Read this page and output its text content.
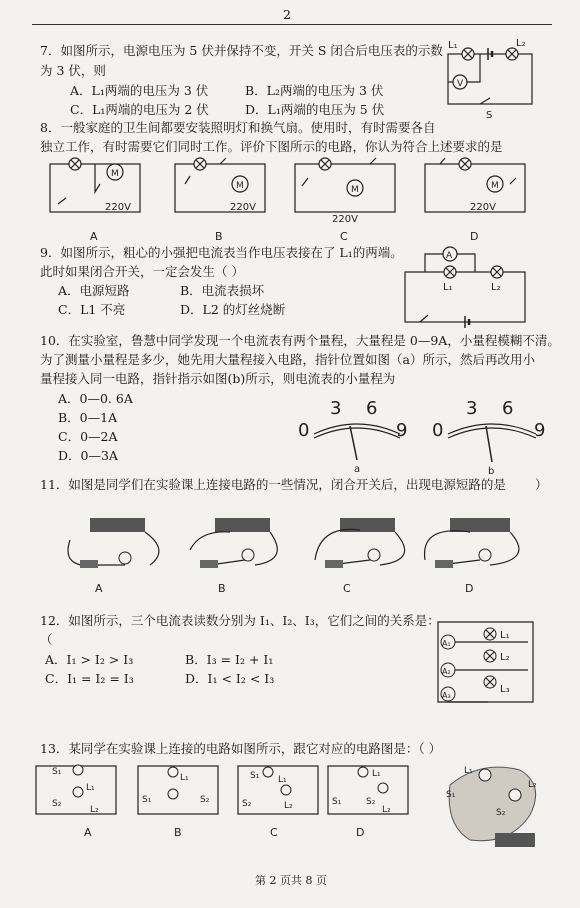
2
7．如图所示，电源电压为 5 伏并保持不变，开关 S 闭合后电压表的示数
为 3 伏，则
A．L₁两端的电压为 3 伏	B．L₂两端的电压为 3 伏
C．L₁两端的电压为 2 伏	D．L₁两端的电压为 5 伏
L₁	L₂
V
S
8．一般家庭的卫生间都要安装照明灯和换气扇。使用时，有时需要各自
独立工作，有时需要它们同时工作。评价下图所示的电路，你认为符合上述要求的是
M
220V
M
220V
M
220V
M
220V
A	B	C	D
9．如图所示，粗心的小强把电流表当作电压表接在了 L₁的两端。
此时如果闭合开关，一定会发生（ ）
A．电源短路	B．电流表损坏
C．L1 不亮	D．L2 的灯丝烧断
A
L₁	L₂
10．在实验室，鲁慧中同学发现一个电流表有两个量程，大量程是 0—9A，小量程模糊不清。
为了测量小量程是多少，她先用大量程接入电路，指针位置如图（a）所示，然后再改用小
量程接入同一电路，指针指示如图(b)所示，则电流表的小量程为
A．0—0. 6A
B．0—1A
C．0—2A
D．0—3A
0
3 6
9
a
0
3 6
9
b
11．如图是同学们在实验课上连接电路的一些情况，闭合开关后，出现电源短路的是 ）
A	B	C	D
12．如图所示，三个电流表读数分别为 I₁、I₂、I₃，它们之间的关系是：
（
A．I₁ > I₂ > I₃	B．I₃ = I₂ + I₁
C．I₁ = I₂ = I₃	D．I₁ < I₂ < I₃
A₁
A₂
A₃
L₁
L₂
L₃
13．某同学在实验课上连接的电路如图所示，跟它对应的电路图是：（ ）
S₁
L₁
S₂
L₂
L₁
S₁	S₂
S₁ L₁
S₂	L₂
L₁
S₁	S₂
L₂
A	B	C	D
L₁
S₁
S₂
L₂
第 2 页共 8 页
